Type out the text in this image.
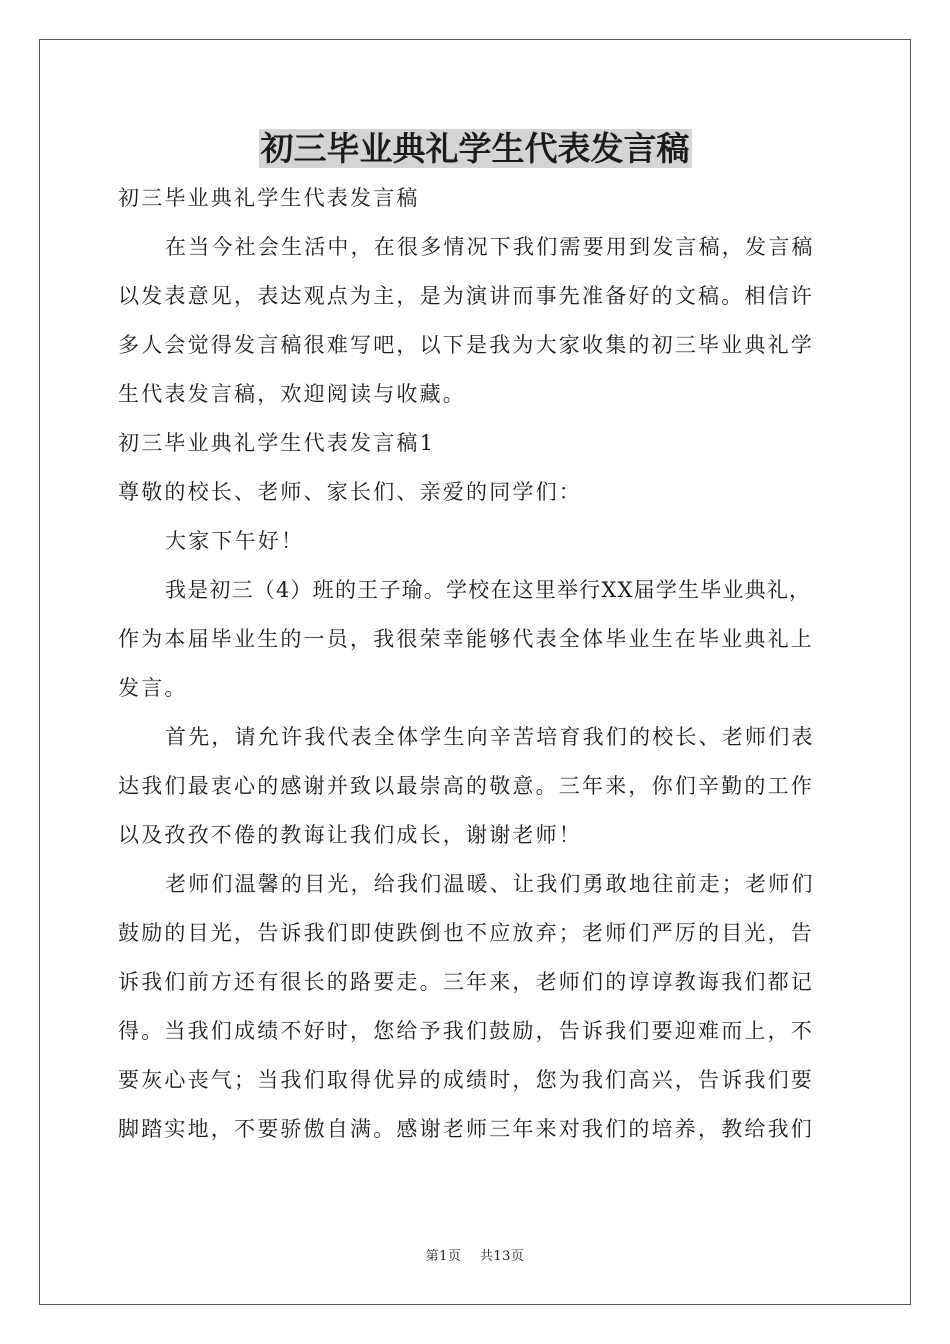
初三毕业典礼学生代表发言稿
初三毕业典礼学生代表发言稿
在当今社会生活中，在很多情况下我们需要用到发言稿，发言稿
以发表意见，表达观点为主，是为演讲而事先准备好的文稿。相信许
多人会觉得发言稿很难写吧，以下是我为大家收集的初三毕业典礼学
生代表发言稿，欢迎阅读与收藏。
初三毕业典礼学生代表发言稿1
尊敬的校长、老师、家长们、亲爱的同学们：
大家下午好！
我是初三（4）班的王子瑜。学校在这里举行XX届学生毕业典礼，
作为本届毕业生的一员，我很荣幸能够代表全体毕业生在毕业典礼上
发言。
首先，请允许我代表全体学生向辛苦培育我们的校长、老师们表
达我们最衷心的感谢并致以最崇高的敬意。三年来，你们辛勤的工作
以及孜孜不倦的教诲让我们成长，谢谢老师！
老师们温馨的目光，给我们温暖、让我们勇敢地往前走；老师们
鼓励的目光，告诉我们即使跌倒也不应放弃；老师们严厉的目光，告
诉我们前方还有很长的路要走。三年来，老师们的谆谆教诲我们都记
得。当我们成绩不好时，您给予我们鼓励，告诉我们要迎难而上，不
要灰心丧气；当我们取得优异的成绩时，您为我们高兴，告诉我们要
脚踏实地，不要骄傲自满。感谢老师三年来对我们的培养，教给我们
第1页    共13页
